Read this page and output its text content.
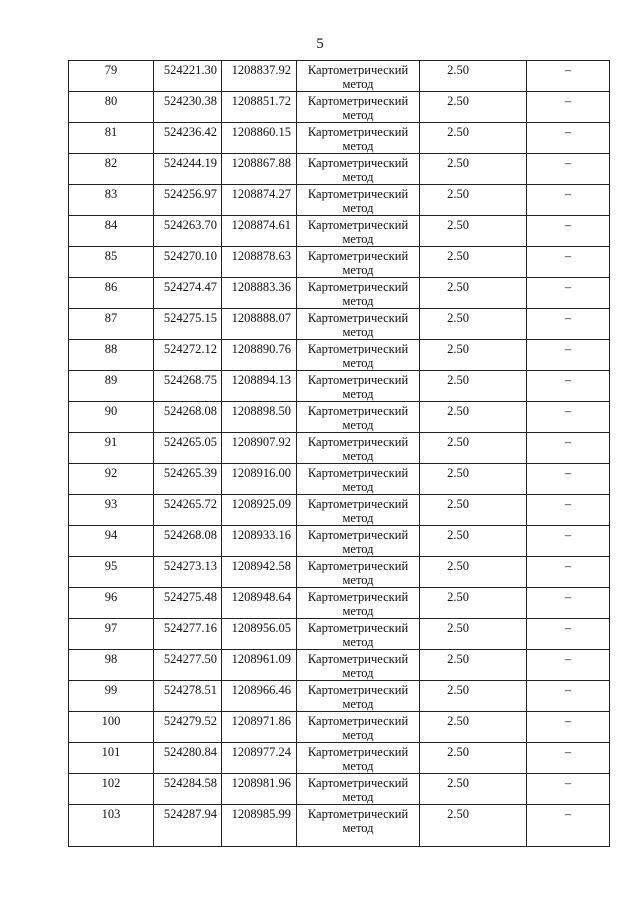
5
79	524221.30	1208837.92	Картометрический
метод	2.50	–
80	524230.38	1208851.72	Картометрический
метод	2.50	–
81	524236.42	1208860.15	Картометрический
метод	2.50	–
82	524244.19	1208867.88	Картометрический
метод	2.50	–
83	524256.97	1208874.27	Картометрический
метод	2.50	–
84	524263.70	1208874.61	Картометрический
метод	2.50	–
85	524270.10	1208878.63	Картометрический
метод	2.50	–
86	524274.47	1208883.36	Картометрический
метод	2.50	–
87	524275.15	1208888.07	Картометрический
метод	2.50	–
88	524272.12	1208890.76	Картометрический
метод	2.50	–
89	524268.75	1208894.13	Картометрический
метод	2.50	–
90	524268.08	1208898.50	Картометрический
метод	2.50	–
91	524265.05	1208907.92	Картометрический
метод	2.50	–
92	524265.39	1208916.00	Картометрический
метод	2.50	–
93	524265.72	1208925.09	Картометрический
метод	2.50	–
94	524268.08	1208933.16	Картометрический
метод	2.50	–
95	524273.13	1208942.58	Картометрический
метод	2.50	–
96	524275.48	1208948.64	Картометрический
метод	2.50	–
97	524277.16	1208956.05	Картометрический
метод	2.50	–
98	524277.50	1208961.09	Картометрический
метод	2.50	–
99	524278.51	1208966.46	Картометрический
метод	2.50	–
100	524279.52	1208971.86	Картометрический
метод	2.50	–
101	524280.84	1208977.24	Картометрический
метод	2.50	–
102	524284.58	1208981.96	Картометрический
метод	2.50	–
103	524287.94	1208985.99	Картометрический
метод	2.50	–
